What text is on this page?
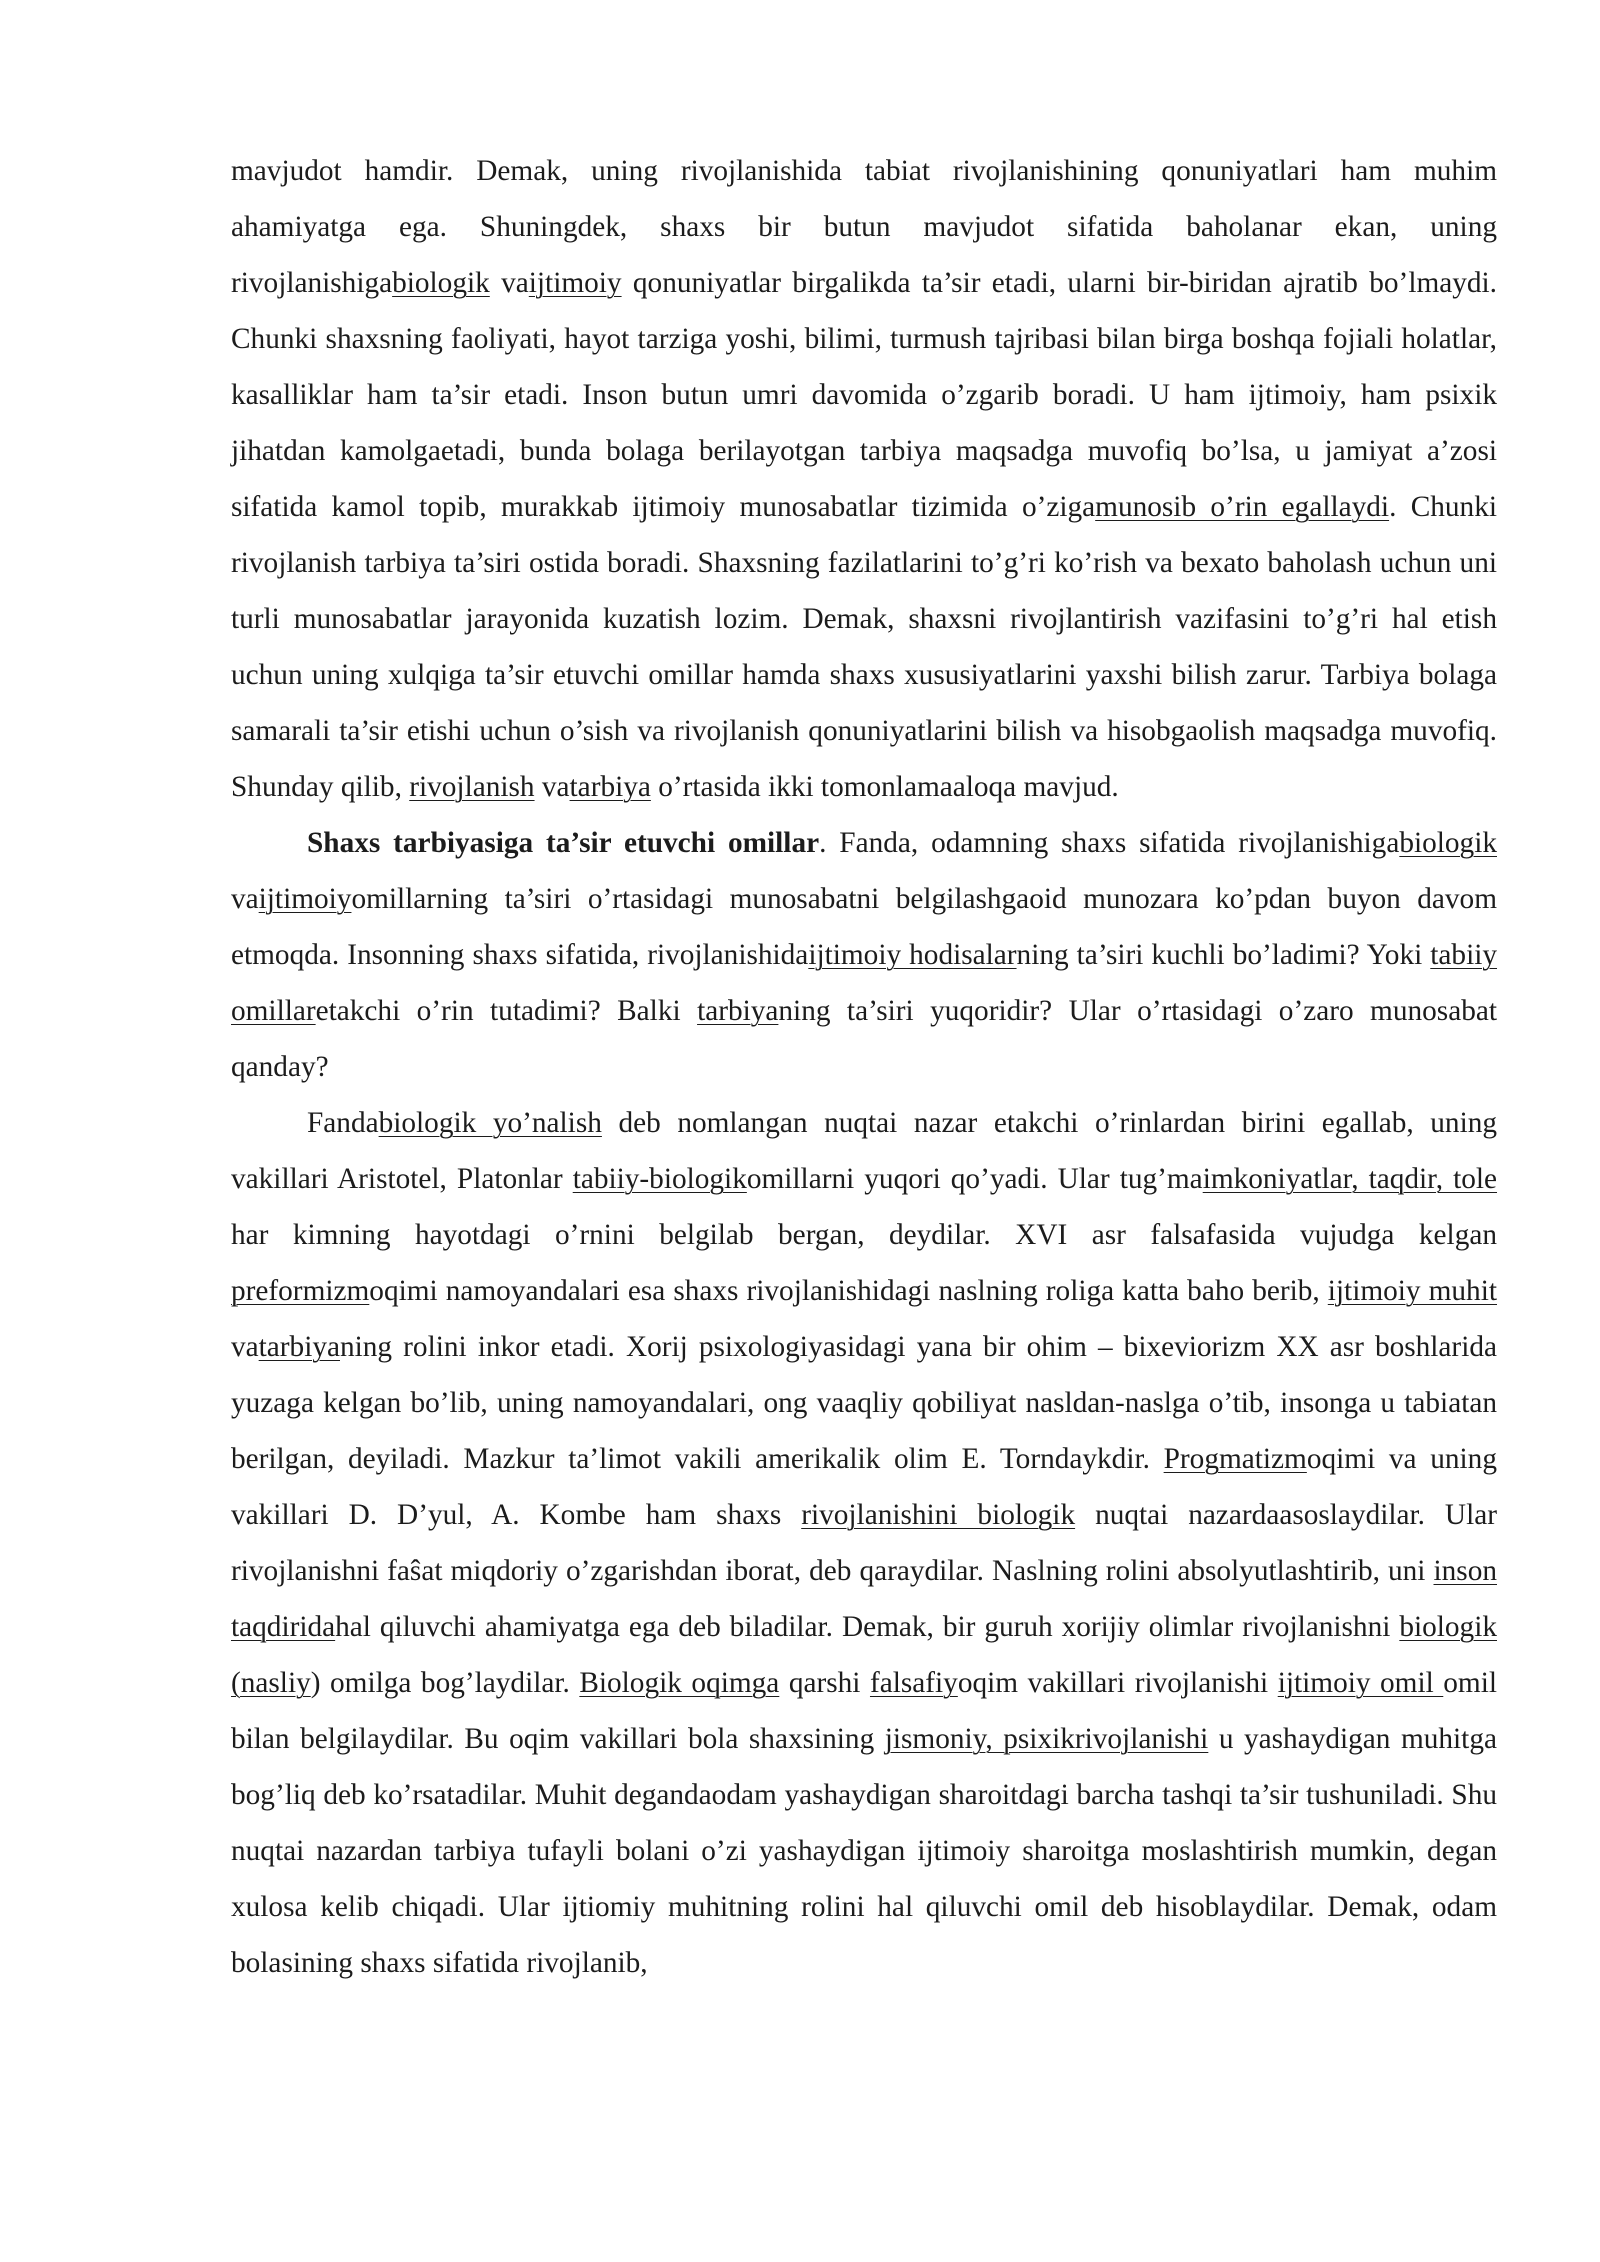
mavjudot hamdir. Demak, uning rivojlanishida tabiat rivojlanishining qonuniyatlari ham muhim ahamiyatga ega. Shuningdek, shaxs bir butun mavjudot sifatida baholanar ekan, uning rivojlanishigabiologik vaijtimoiy qonuniyatlar birgalikda ta’sir etadi, ularni bir-biridan ajratib bo’lmaydi. Chunki shaxsning faoliyati, hayot tarziga yoshi, bilimi, turmush tajribasi bilan birga boshqa fojiali holatlar, kasalliklar ham ta’sir etadi. Inson butun umri davomida o’zgarib boradi. U ham ijtimoiy, ham psixik jihatdan kamolgaetadi, bunda bolaga berilayotgan tarbiya maqsadga muvofiq bo’lsa, u jamiyat a’zosi sifatida kamol topib, murakkab ijtimoiy munosabatlar tizimida o’zigamunosib o’rin egallaydi. Chunki rivojlanish tarbiya ta’siri ostida boradi. Shaxsning fazilatlarini to’g’ri ko’rish va bexato baholash uchun uni turli munosabatlar jarayonida kuzatish lozim. Demak, shaxsni rivojlantirish vazifasini to’g’ri hal etish uchun uning xulqiga ta’sir etuvchi omillar hamda shaxs xususiyatlarini yaxshi bilish zarur. Tarbiya bolaga samarali ta’sir etishi uchun o’sish va rivojlanish qonuniyatlarini bilish va hisobgaolish maqsadga muvofiq. Shunday qilib, rivojlanish vatarbiya o’rtasida ikki tomonlamaaloqa mavjud.

Shaxs tarbiyasiga ta’sir etuvchi omillar. Fanda, odamning shaxs sifatida rivojlanishigabiologik vaijtimoiyomillarning ta’siri o’rtasidagi munosabatni belgilashgaoid munozara ko’pdan buyon davom etmoqda. Insonning shaxs sifatida, rivojlanishidaijtimoiy hodisalarning ta’siri kuchli bo’ladimi? Yoki tabiiy omillaretakchi o’rin tutadimi? Balki tarbiyaning ta’siri yuqoridir? Ular o’rtasidagi o’zaro munosabat qanday?

Fandabiologik yo’nalish deb nomlangan nuqtai nazar etakchi o’rinlardan birini egallab, uning vakillari Aristotel, Platonlar tabiiy-biologikomillarni yuqori qo’yadi. Ular tug’maimkoniyatlar, taqdir, tole har kimning hayotdagi o’rnini belgilab bergan, deydilar. XVI asr falsafasida vujudga kelgan preformizmoqimi namoyandalari esa shaxs rivojlanishidagi naslning roliga katta baho berib, ijtimoiy muhit vatarbiyaning rolini inkor etadi. Xorij psixologiyasidagi yana bir ohim – bixeviorizm XX asr boshlarida yuzaga kelgan bo’lib, uning namoyandalari, ong vaaqliy qobiliyat nasldan-naslga o’tib, insonga u tabiatan berilgan, deyiladi. Mazkur ta’limot vakili amerikalik olim E. Torndaykdir. Progmatizmoqimi va uning vakillari D. D’yul, A. Kombe ham shaxs rivojlanishini biologik nuqtai nazardaasoslaydilar. Ular rivojlanishni faŝat miqdoriy o’zgarishdan iborat, deb qaraydilar. Naslning rolini absolyutlashtirib, uni inson taqdiridahal qiluvchi ahamiyatga ega deb biladilar. Demak, bir guruh xorijiy olimlar rivojlanishni biologik (nasliy) omilga bog’laydilar. Biologik oqimga qarshi falsafiyoqim vakillari rivojlanishi ijtimoiy omil omil bilan belgilaydilar. Bu oqim vakillari bola shaxsining jismoniy, psixikrivojlanishi u yashaydigan muhitga bog’liq deb ko’rsatadilar. Muhit degandaodam yashaydigan sharoitdagi barcha tashqi ta’sir tushuniladi. Shu nuqtai nazardan tarbiya tufayli bolani o’zi yashaydigan ijtimoiy sharoitga moslashtirish mumkin, degan xulosa kelib chiqadi. Ular ijtiomiy muhitning rolini hal qiluvchi omil deb hisoblaydilar. Demak, odam bolasining shaxs sifatida rivojlanib,
